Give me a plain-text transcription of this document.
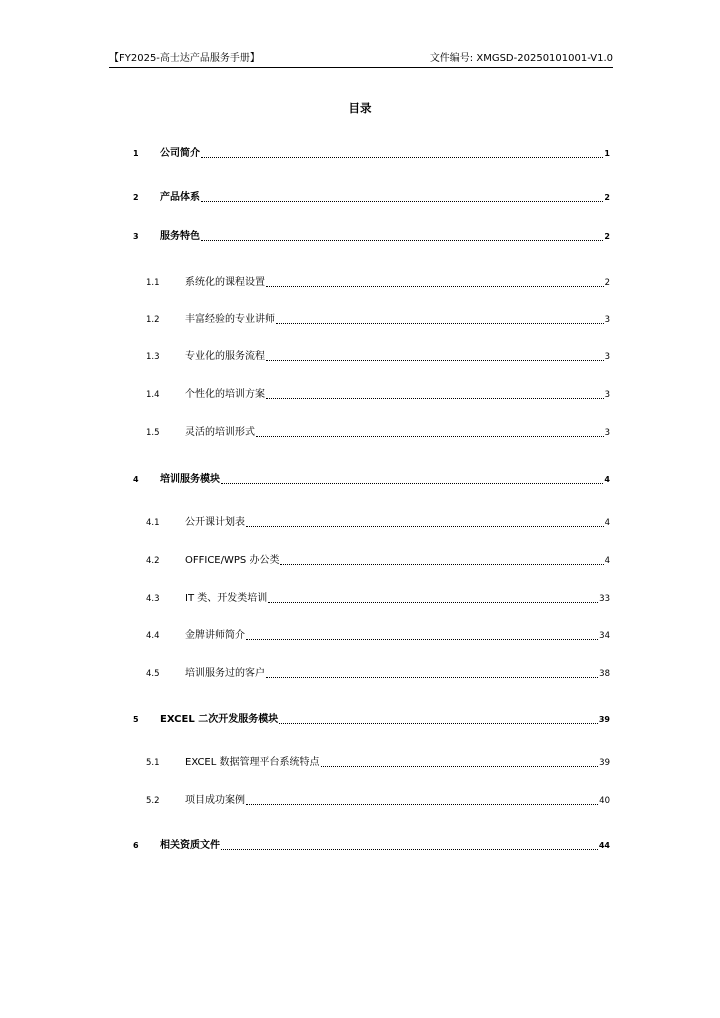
【FY2025-高士达产品服务手册】	文件编号: XMGSD-20250101001-V1.0
目录
1 公司简介	1
2 产品体系	2
3 服务特色	2
1.1	系统化的课程设置	2
1.2	丰富经验的专业讲师	3
1.3	专业化的服务流程	3
1.4	个性化的培训方案	3
1.5	灵活的培训形式	3
4 培训服务模块	4
4.1	公开课计划表	4
4.2	OFFICE/WPS 办公类	4
4.3	IT 类、开发类培训	33
4.4	金牌讲师简介	34
4.5	培训服务过的客户	38
5 EXCEL 二次开发服务模块	39
5.1	EXCEL 数据管理平台系统特点	39
5.2	项目成功案例	40
6 相关资质文件	44
